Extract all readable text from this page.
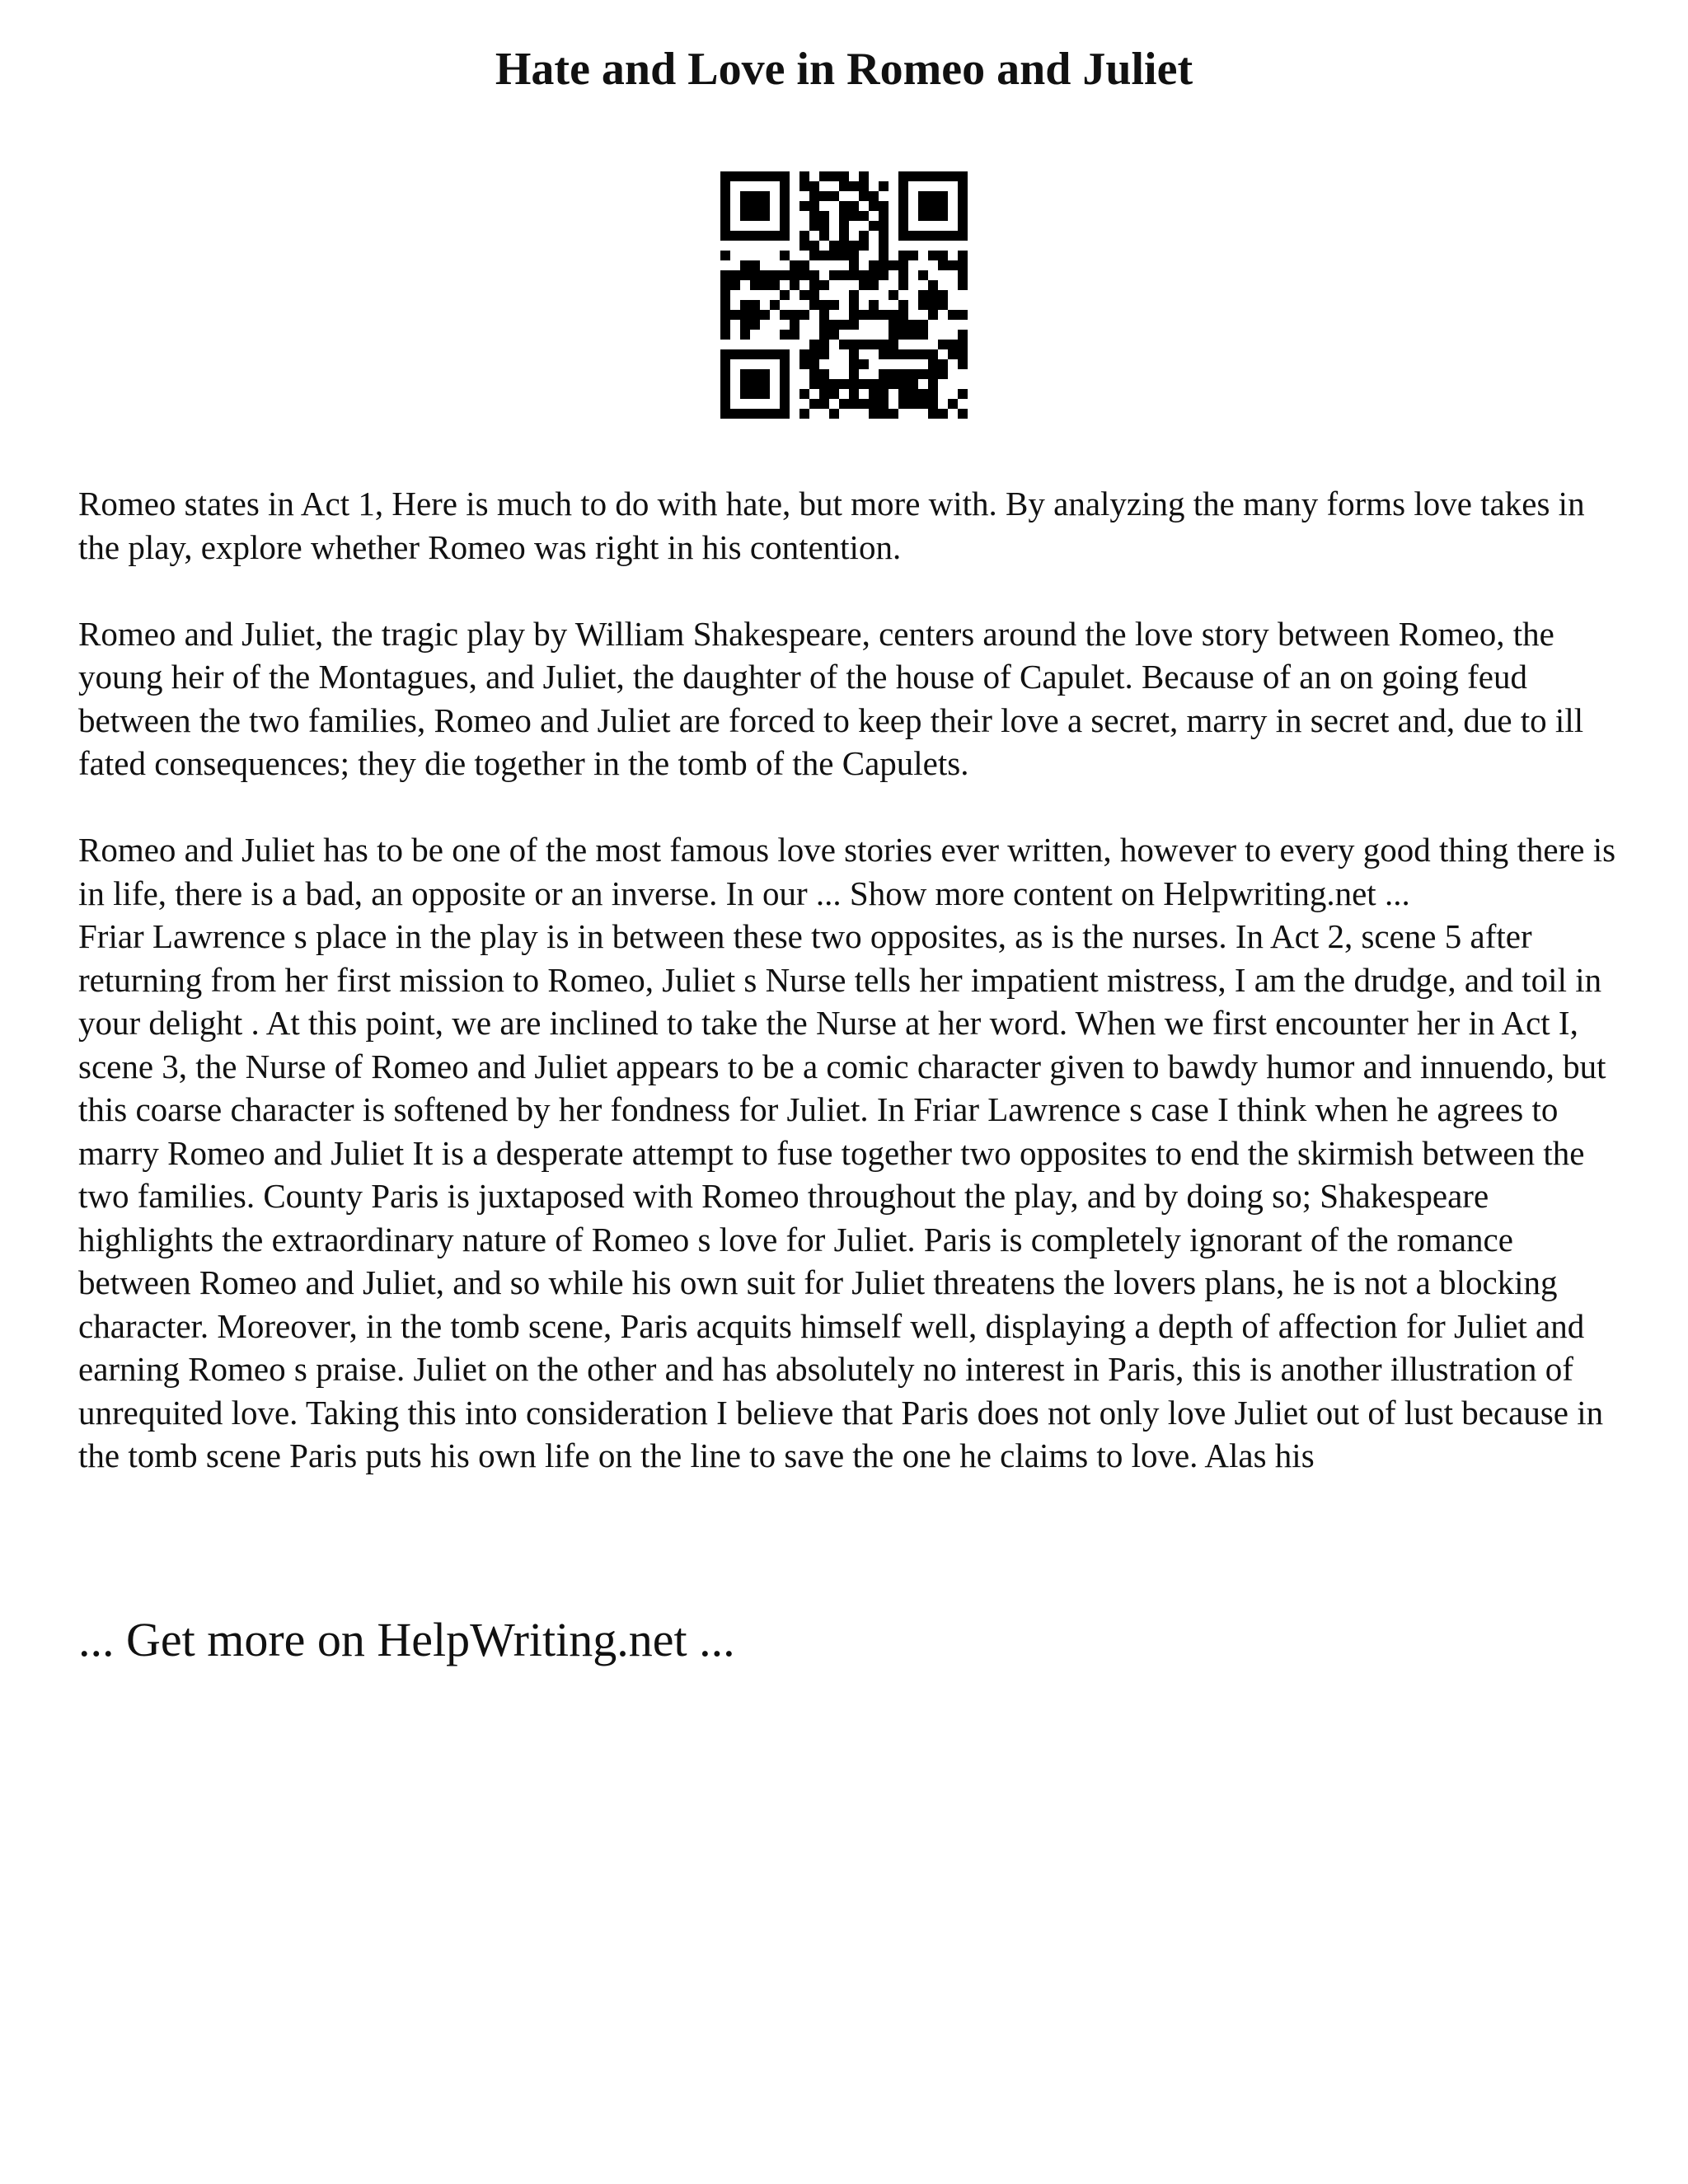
Hate and Love in Romeo and Juliet

Romeo states in Act 1, Here is much to do with hate, but more with. By analyzing the many forms love takes in the play, explore whether Romeo was right in his contention.

Romeo and Juliet, the tragic play by William Shakespeare, centers around the love story between Romeo, the young heir of the Montagues, and Juliet, the daughter of the house of Capulet. Because of an on going feud between the two families, Romeo and Juliet are forced to keep their love a secret, marry in secret and, due to ill fated consequences; they die together in the tomb of the Capulets.

Romeo and Juliet has to be one of the most famous love stories ever written, however to every good thing there is in life, there is a bad, an opposite or an inverse. In our ... Show more content on Helpwriting.net ...

Friar Lawrence s place in the play is in between these two opposites, as is the nurses. In Act 2, scene 5 after returning from her first mission to Romeo, Juliet s Nurse tells her impatient mistress, I am the drudge, and toil in your delight . At this point, we are inclined to take the Nurse at her word. When we first encounter her in Act I, scene 3, the Nurse of Romeo and Juliet appears to be a comic character given to bawdy humor and innuendo, but this coarse character is softened by her fondness for Juliet. In Friar Lawrence s case I think when he agrees to marry Romeo and Juliet It is a desperate attempt to fuse together two opposites to end the skirmish between the two families. County Paris is juxtaposed with Romeo throughout the play, and by doing so; Shakespeare highlights the extraordinary nature of Romeo s love for Juliet. Paris is completely ignorant of the romance between Romeo and Juliet, and so while his own suit for Juliet threatens the lovers plans, he is not a blocking character. Moreover, in the tomb scene, Paris acquits himself well, displaying a depth of affection for Juliet and earning Romeo s praise. Juliet on the other and has absolutely no interest in Paris, this is another illustration of unrequited love. Taking this into consideration I believe that Paris does not only love Juliet out of lust because in the tomb scene Paris puts his own life on the line to save the one he claims to love. Alas his

... Get more on HelpWriting.net ...
